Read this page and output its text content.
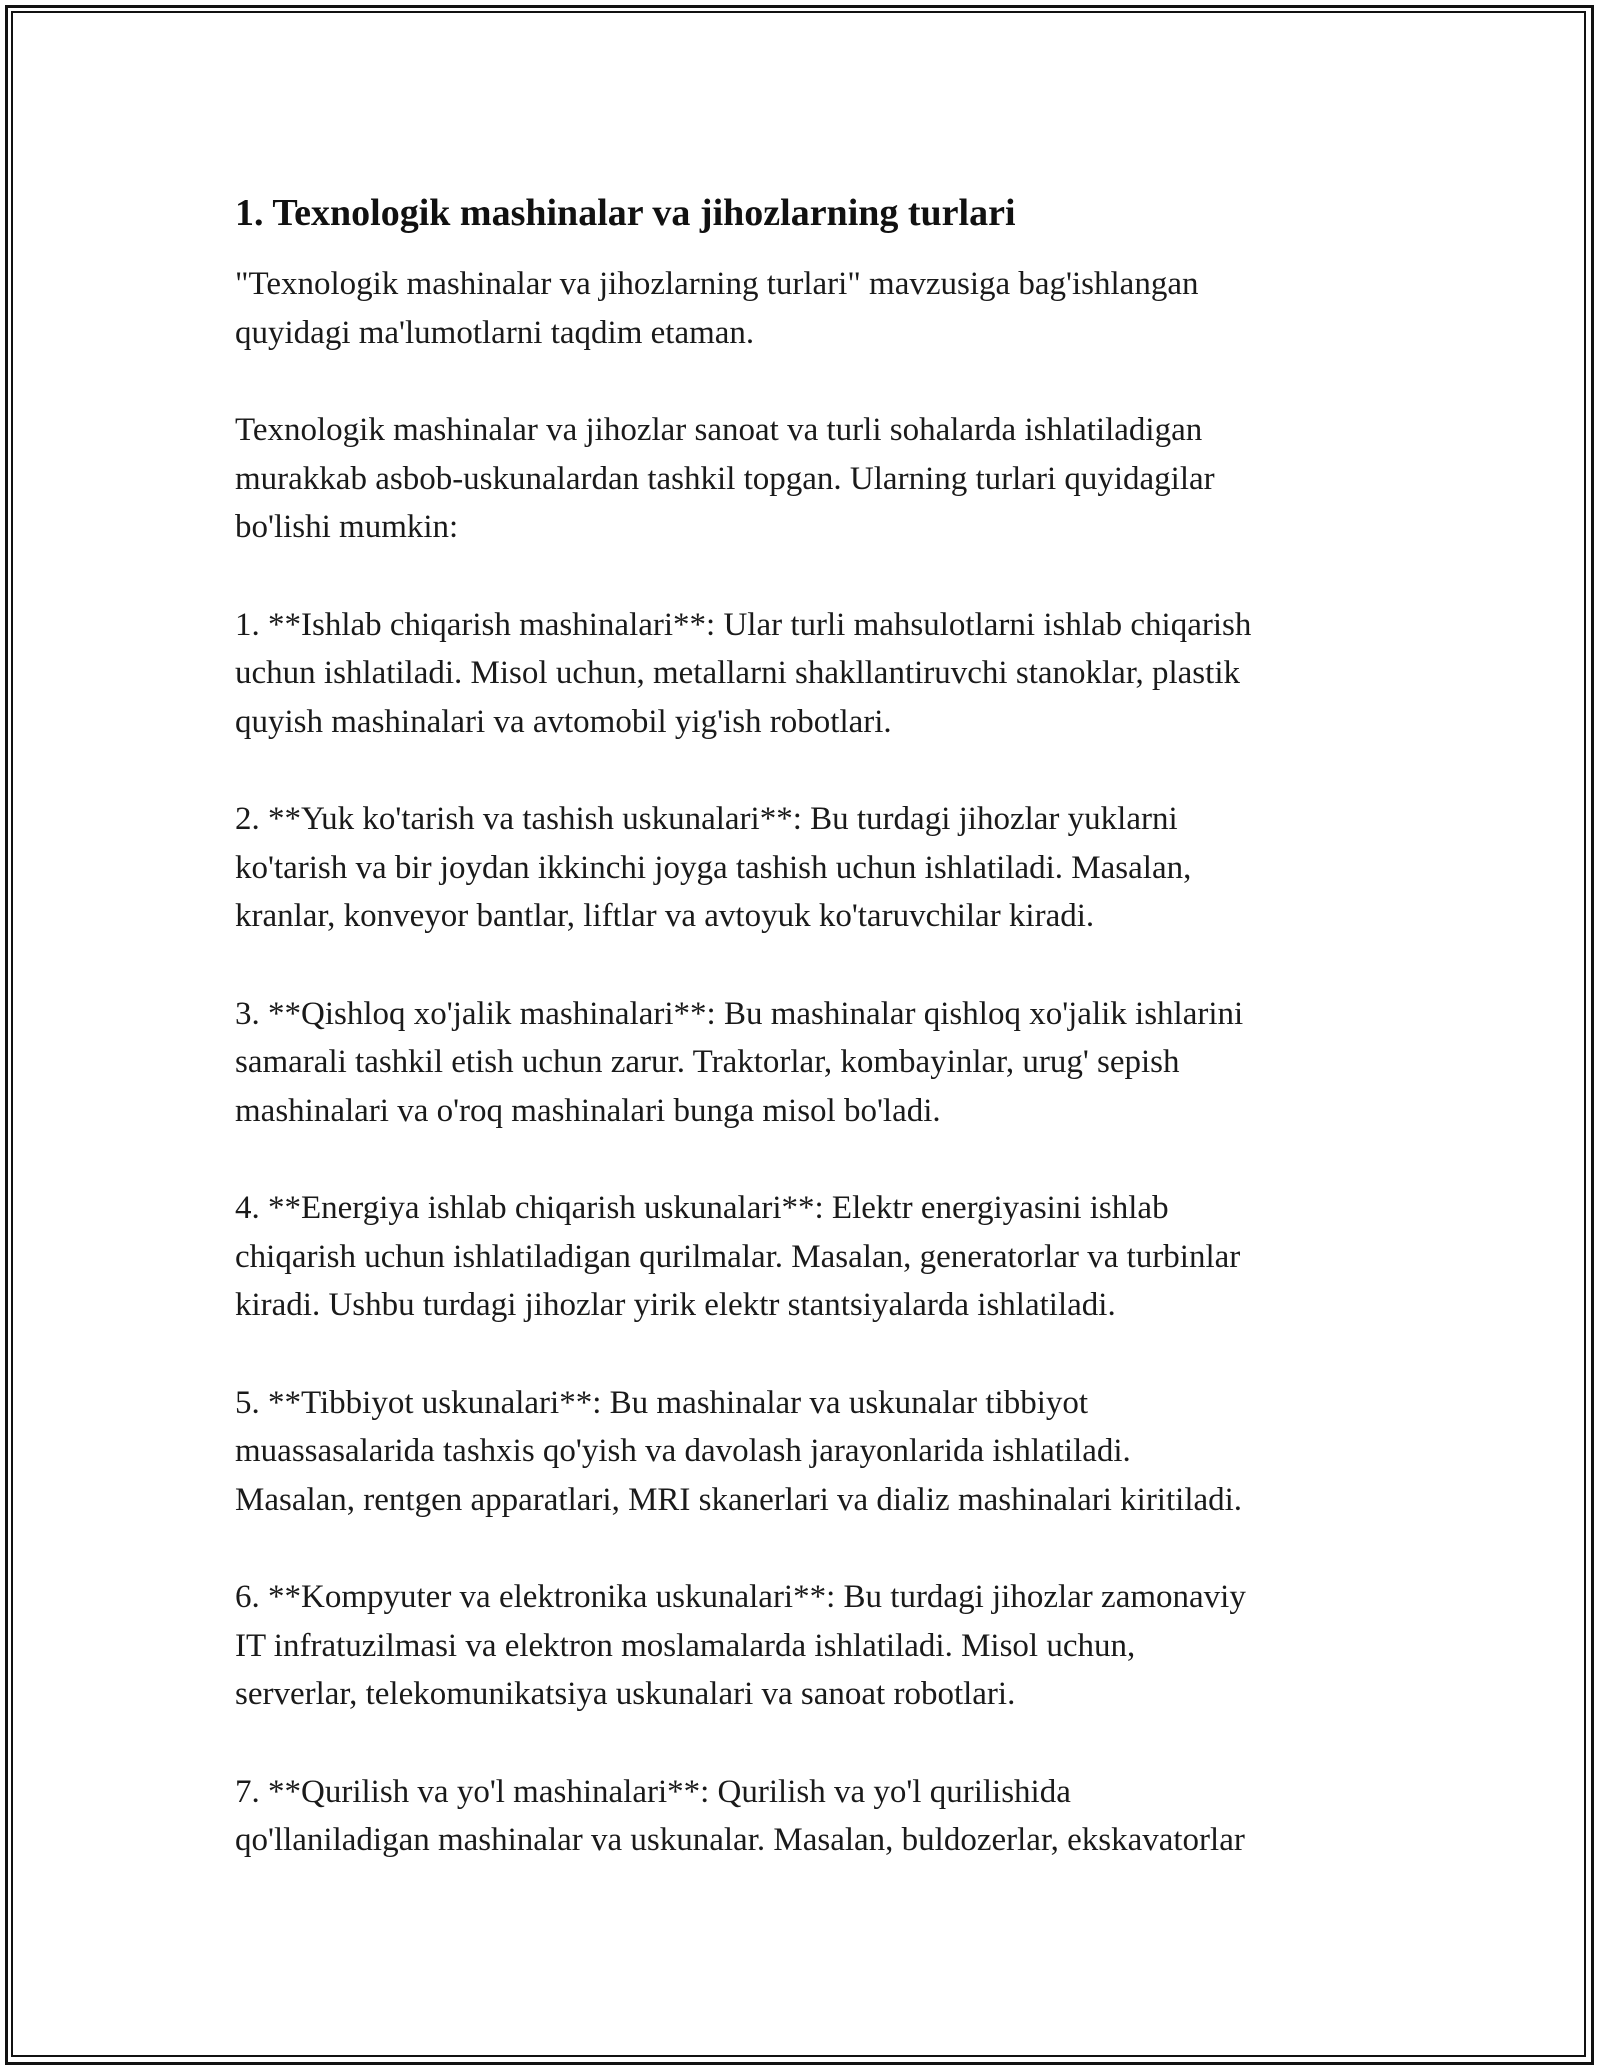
1. Texnologik mashinalar va jihozlarning turlari

"Texnologik mashinalar va jihozlarning turlari" mavzusiga bag'ishlangan
quyidagi ma'lumotlarni taqdim etaman.

Texnologik mashinalar va jihozlar sanoat va turli sohalarda ishlatiladigan
murakkab asbob-uskunalardan tashkil topgan. Ularning turlari quyidagilar
bo'lishi mumkin:

1. **Ishlab chiqarish mashinalari**: Ular turli mahsulotlarni ishlab chiqarish
uchun ishlatiladi. Misol uchun, metallarni shakllantiruvchi stanoklar, plastik
quyish mashinalari va avtomobil yig'ish robotlari.

2. **Yuk ko'tarish va tashish uskunalari**: Bu turdagi jihozlar yuklarni
ko'tarish va bir joydan ikkinchi joyga tashish uchun ishlatiladi. Masalan,
kranlar, konveyor bantlar, liftlar va avtoyuk ko'taruvchilar kiradi.

3. **Qishloq xo'jalik mashinalari**: Bu mashinalar qishloq xo'jalik ishlarini
samarali tashkil etish uchun zarur. Traktorlar, kombayinlar, urug' sepish
mashinalari va o'roq mashinalari bunga misol bo'ladi.

4. **Energiya ishlab chiqarish uskunalari**: Elektr energiyasini ishlab
chiqarish uchun ishlatiladigan qurilmalar. Masalan, generatorlar va turbinlar
kiradi. Ushbu turdagi jihozlar yirik elektr stantsiyalarda ishlatiladi.

5. **Tibbiyot uskunalari**: Bu mashinalar va uskunalar tibbiyot
muassasalarida tashxis qo'yish va davolash jarayonlarida ishlatiladi.
Masalan, rentgen apparatlari, MRI skanerlari va dializ mashinalari kiritiladi.

6. **Kompyuter va elektronika uskunalari**: Bu turdagi jihozlar zamonaviy
IT infratuzilmasi va elektron moslamalarda ishlatiladi. Misol uchun,
serverlar, telekomunikatsiya uskunalari va sanoat robotlari.

7. **Qurilish va yo'l mashinalari**: Qurilish va yo'l qurilishida
qo'llaniladigan mashinalar va uskunalar. Masalan, buldozerlar, ekskavatorlar
